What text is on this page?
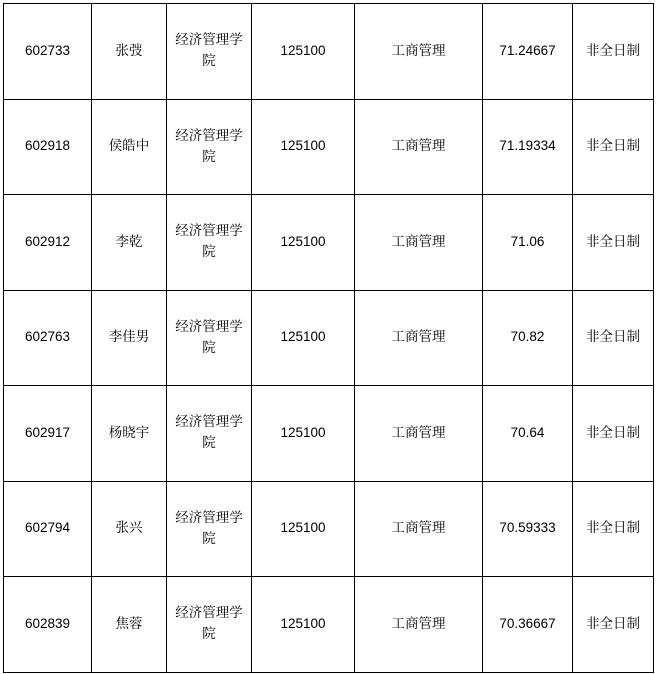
602733	张弢	经济管理学院	125100	工商管理	71.24667	非全日制
602918	侯皓中	经济管理学院	125100	工商管理	71.19334	非全日制
602912	李乾	经济管理学院	125100	工商管理	71.06	非全日制
602763	李佳男	经济管理学院	125100	工商管理	70.82	非全日制
602917	杨晓宇	经济管理学院	125100	工商管理	70.64	非全日制
602794	张兴	经济管理学院	125100	工商管理	70.59333	非全日制
602839	焦蓉	经济管理学院	125100	工商管理	70.36667	非全日制
